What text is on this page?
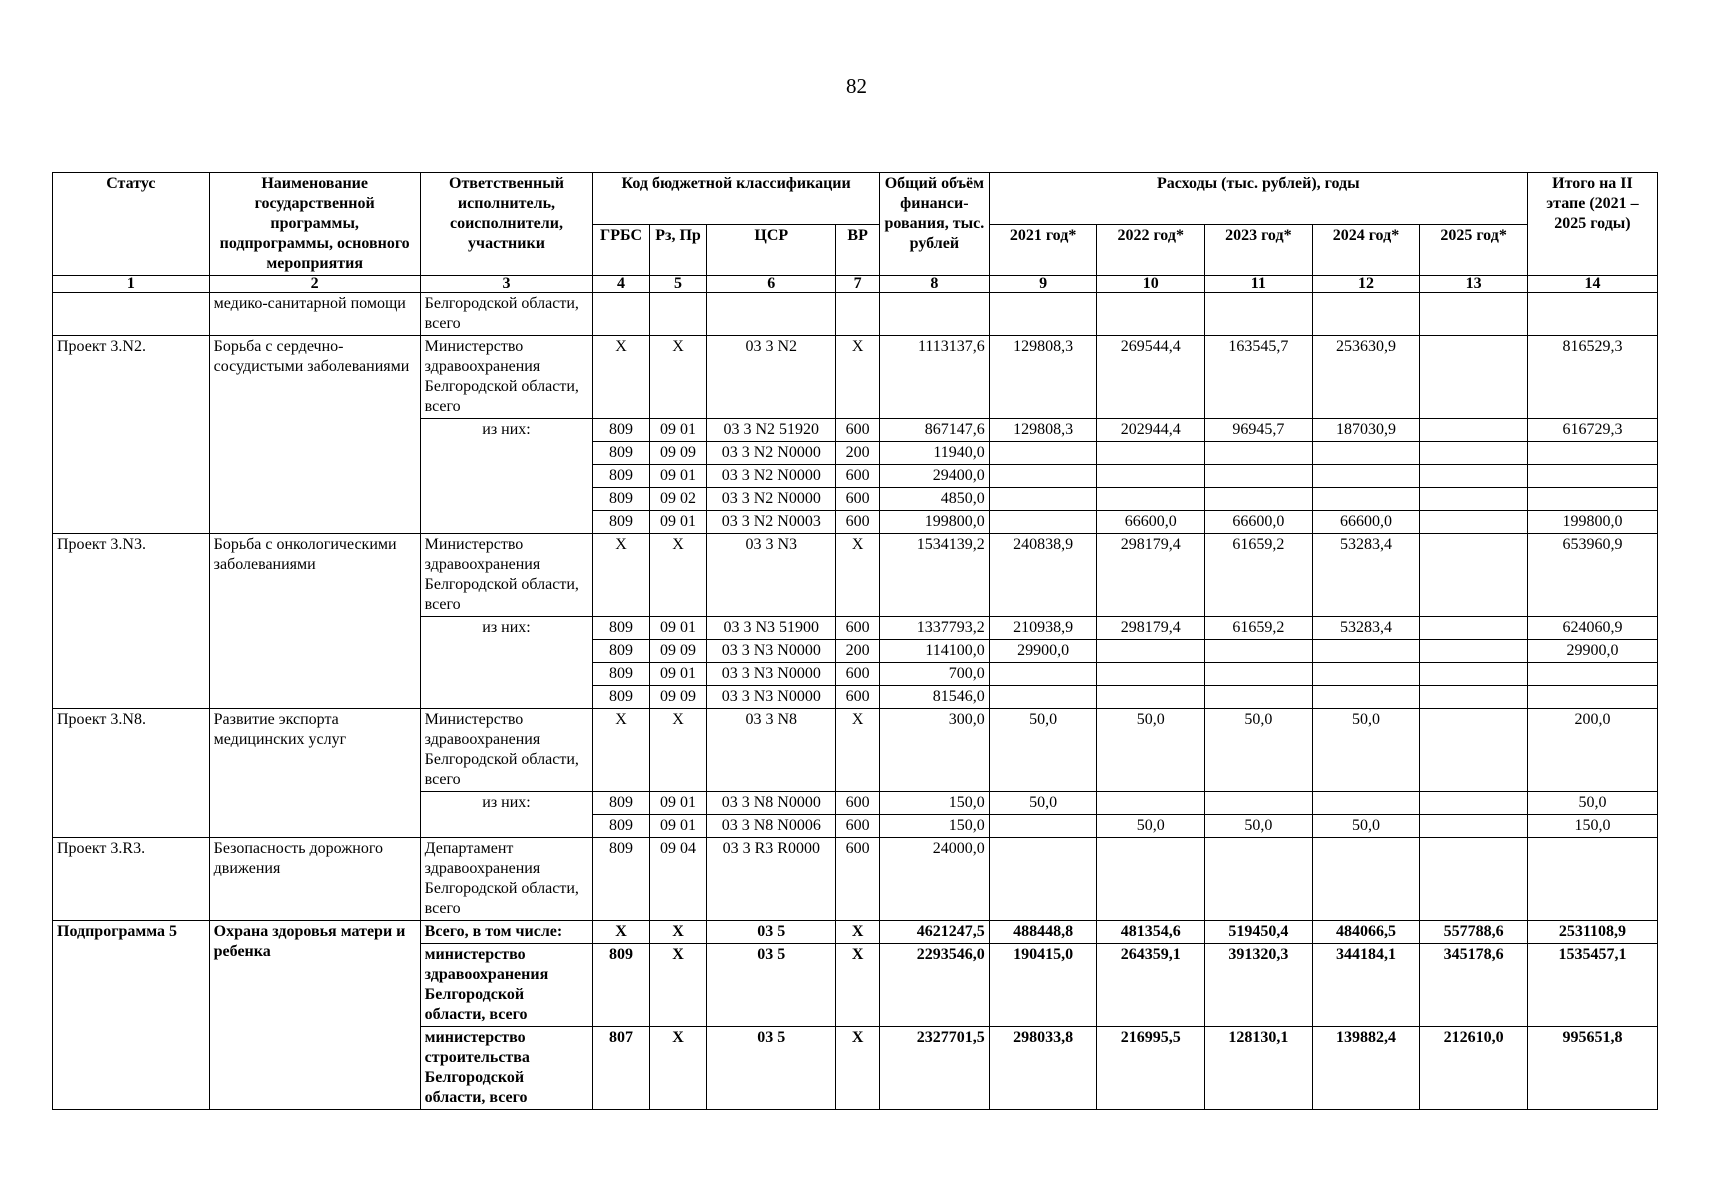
82
Статус	Наименование государственной программы, подпрограммы, основного мероприятия	Ответственный исполнитель, соисполнители, участники	Код бюджетной классификации				Общий объём финанси-рования, тыс. рублей	Расходы (тыс. рублей), годы					Итого на II этапе (2021 – 2025 годы)
			ГРБС	Рз, Пр	ЦСР	ВР		2021 год*	2022 год*	2023 год*	2024 год*	2025 год*	
1	2	3	4	5	6	7	8	9	10	11	12	13	14
	медико-санитарной помощи	Белгородской области, всего											
Проект 3.N2.	Борьба с сердечно-сосудистыми заболеваниями	Министерство здравоохранения Белгородской области, всего	X	X	03 3 N2	X	1113137,6	129808,3	269544,4	163545,7	253630,9		816529,3
		из них:	809	09 01	03 3 N2 51920	600	867147,6	129808,3	202944,4	96945,7	187030,9		616729,3
			809	09 09	03 3 N2 N0000	200	11940,0						
			809	09 01	03 3 N2 N0000	600	29400,0						
			809	09 02	03 3 N2 N0000	600	4850,0						
			809	09 01	03 3 N2 N0003	600	199800,0		66600,0	66600,0	66600,0		199800,0
Проект 3.N3.	Борьба с онкологическими заболеваниями	Министерство здравоохранения Белгородской области, всего	X	X	03 3 N3	X	1534139,2	240838,9	298179,4	61659,2	53283,4		653960,9
		из них:	809	09 01	03 3 N3 51900	600	1337793,2	210938,9	298179,4	61659,2	53283,4		624060,9
			809	09 09	03 3 N3 N0000	200	114100,0	29900,0					29900,0
			809	09 01	03 3 N3 N0000	600	700,0						
			809	09 09	03 3 N3 N0000	600	81546,0						
Проект 3.N8.	Развитие экспорта медицинских услуг	Министерство здравоохранения Белгородской области, всего	X	X	03 3 N8	X	300,0	50,0	50,0	50,0	50,0		200,0
		из них:	809	09 01	03 3 N8 N0000	600	150,0	50,0					50,0
			809	09 01	03 3 N8 N0006	600	150,0		50,0	50,0	50,0		150,0
Проект 3.R3.	Безопасность дорожного движения	Департамент здравоохранения Белгородской области, всего	809	09 04	03 3 R3 R0000	600	24000,0						
Подпрограмма 5	Охрана здоровья матери и ребенка	Всего, в том числе:	X	X	03 5	X	4621247,5	488448,8	481354,6	519450,4	484066,5	557788,6	2531108,9
		министерство здравоохранения Белгородской области, всего	809	X	03 5	X	2293546,0	190415,0	264359,1	391320,3	344184,1	345178,6	1535457,1
		министерство строительства Белгородской области, всего	807	X	03 5	X	2327701,5	298033,8	216995,5	128130,1	139882,4	212610,0	995651,8
